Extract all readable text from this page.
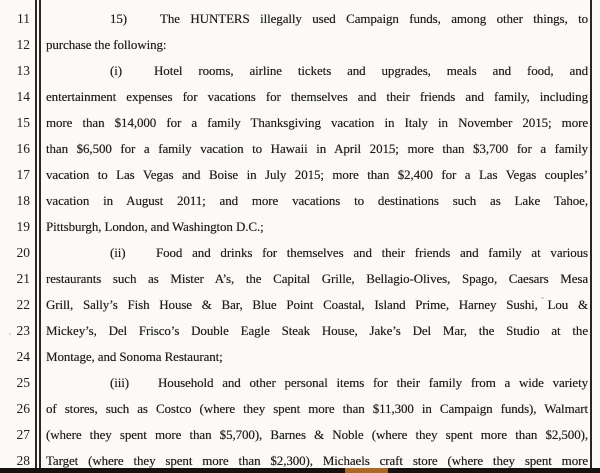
11
12
13
14
15
16
17
18
19
20
21
22
23
24
25
26
27
28
15)	The HUNTERS illegally used Campaign funds, among other things, to
purchase the following:
(i) Hotel rooms, airline tickets and upgrades, meals and food, and
entertainment expenses for vacations for themselves and their friends and family, including
more than $14,000 for a family Thanksgiving vacation in Italy in November 2015; more
than $6,500 for a family vacation to Hawaii in April 2015; more than $3,700 for a family
vacation to Las Vegas and Boise in July 2015; more than $2,400 for a Las Vegas couples’
vacation in August 2011; and more vacations to destinations such as Lake Tahoe,
Pittsburgh, London, and Washington D.C.;
(ii) Food and drinks for themselves and their friends and family at various
restaurants such as Mister A’s, the Capital Grille, Bellagio-Olives, Spago, Caesars Mesa
Grill, Sally’s Fish House & Bar, Blue Point Coastal, Island Prime, Harney Sushi, Lou &
Mickey’s, Del Frisco’s Double Eagle Steak House, Jake’s Del Mar, the Studio at the
Montage, and Sonoma Restaurant;
(iii) Household and other personal items for their family from a wide variety
of stores, such as Costco (where they spent more than $11,300 in Campaign funds), Walmart
(where they spent more than $5,700), Barnes & Noble (where they spent more than $2,500),
Target (where they spent more than $2,300), Michaels craft store (where they spent more
